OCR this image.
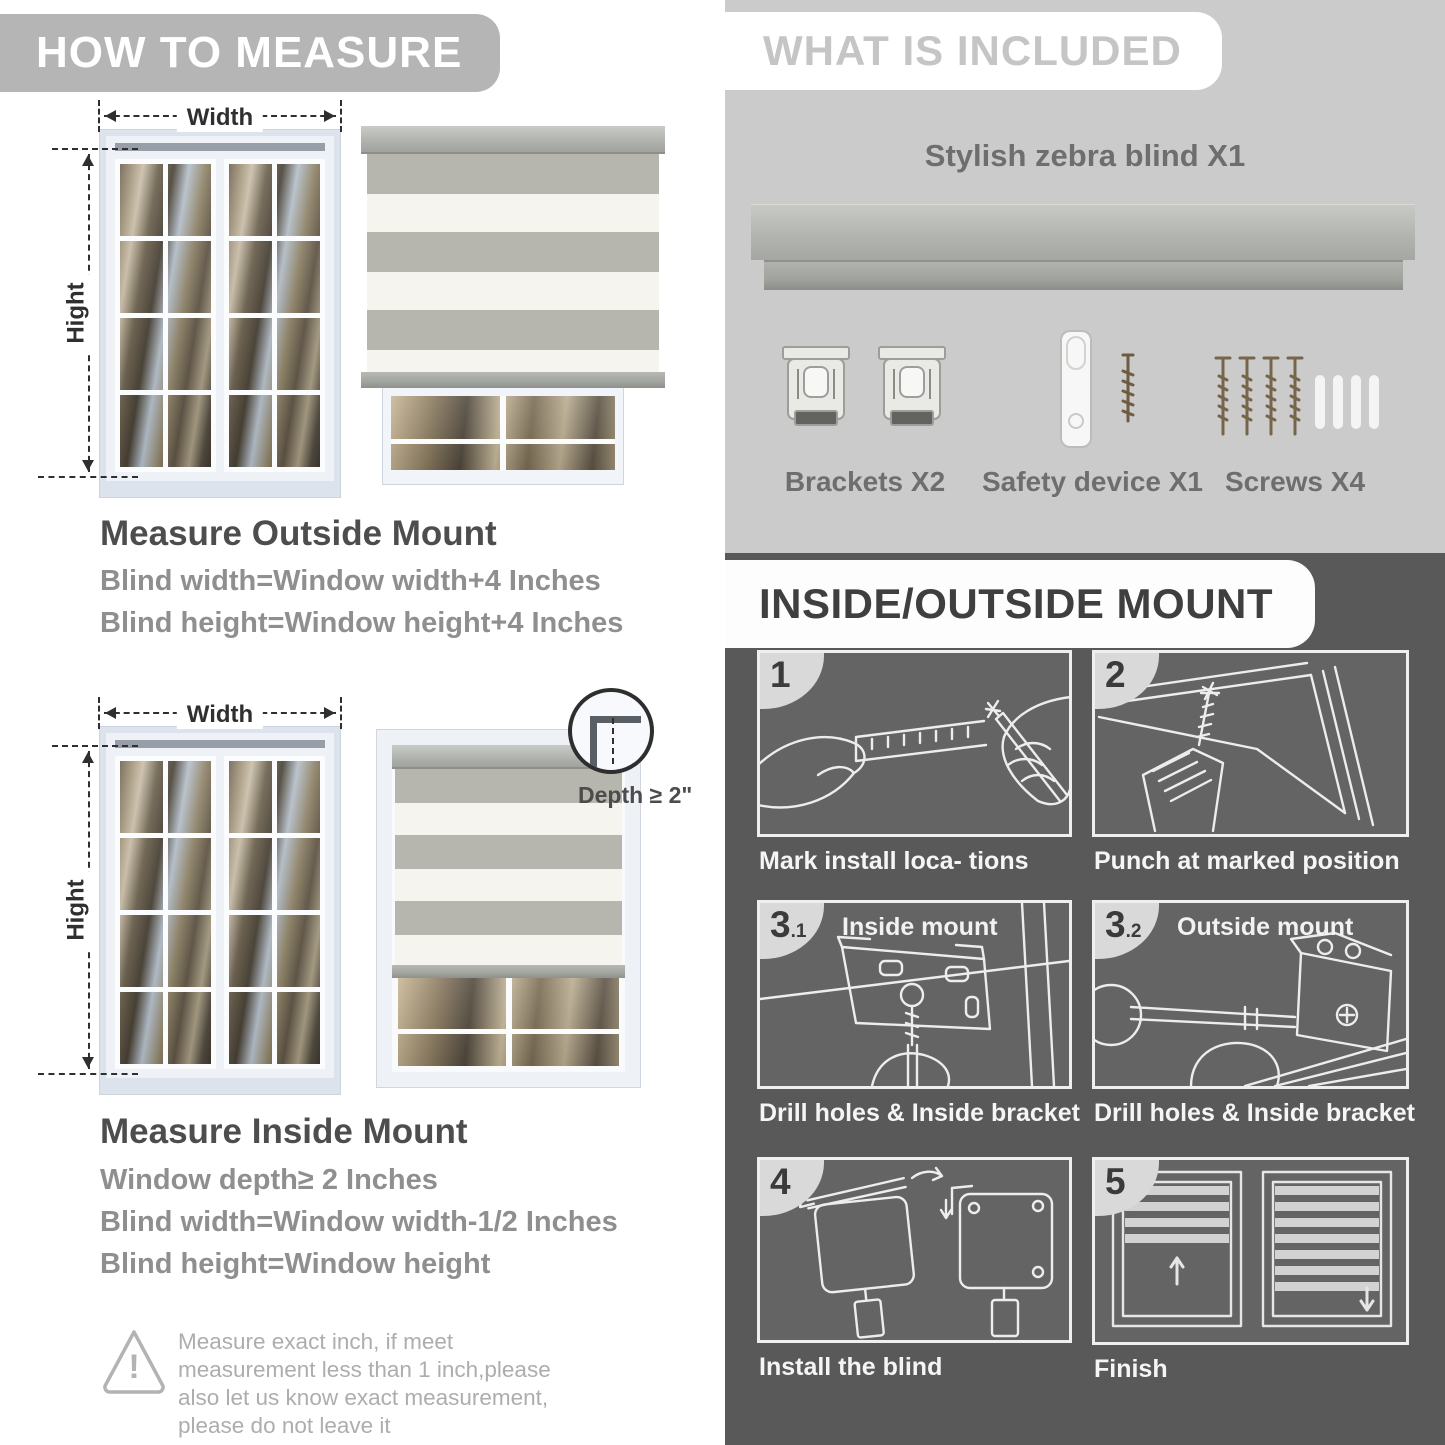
HOW TO MEASURE
Width
Hight
Measure Outside Mount
Blind width=Window width+4 Inches
Blind height=Window height+4 Inches
Width
Hight
Depth ≥ 2"
Measure Inside Mount
Window depth≥ 2 Inches
Blind width=Window width-1/2 Inches
Blind height=Window height
!
Measure exact inch, if meet measurement less than 1 inch,please also let us know exact measurement, please do not leave it
WHAT IS INCLUDED
Stylish zebra blind X1
Brackets X2	Safety device X1 Screws X4
INSIDE/OUTSIDE MOUNT
1
Mark install loca- tions
2
Punch at marked position
3.1	Inside mount
Drill holes & Inside bracket
3.2	Outside mount
Drill holes & Inside bracket
4
Install the blind
5
Finish
